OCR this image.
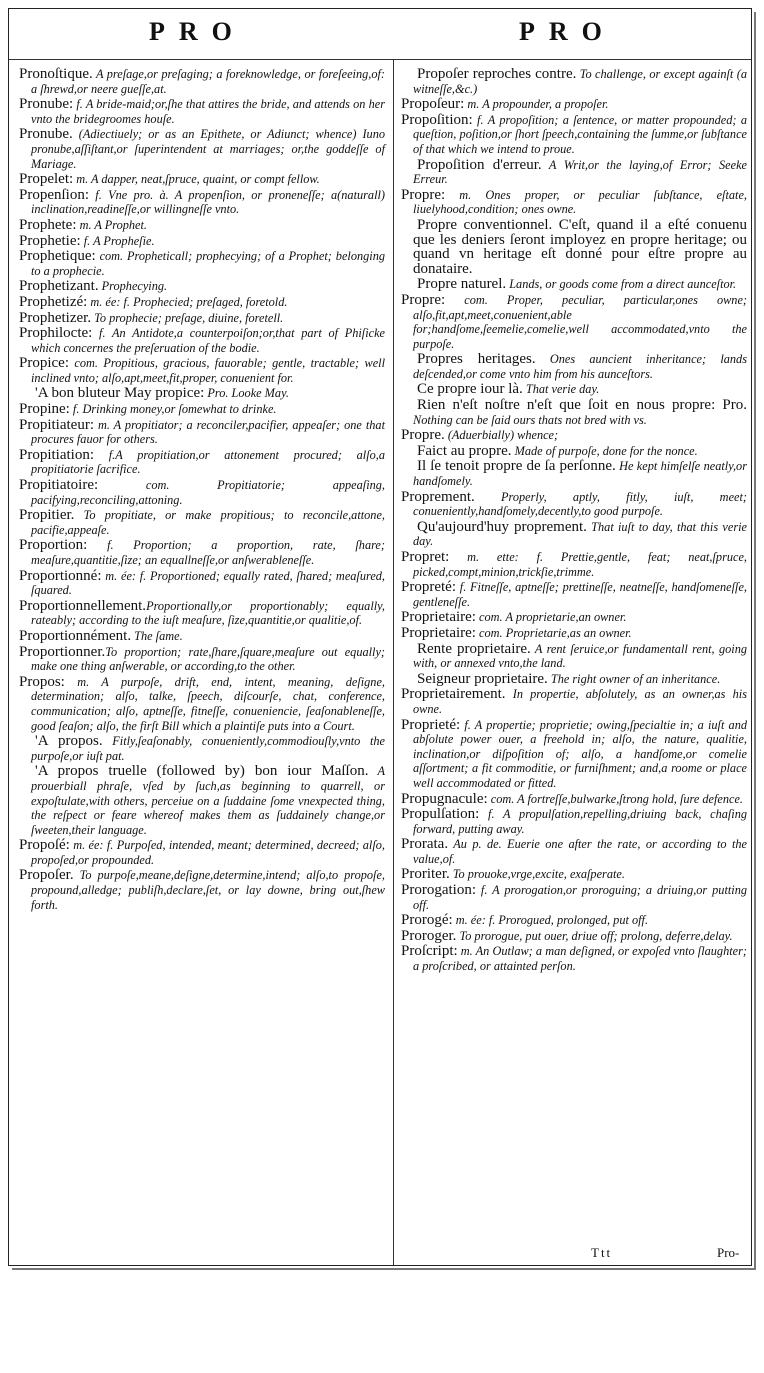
PRO	PRO

Pronoſtique. A preſage,or preſaging; a foreknowledge, or foreſeeing,of: a ſhrewd,or neere gueſſe,at.

Pronube: f. A bride-maid;or,ſhe that attires the bride, and attends on her vnto the bridegroomes houſe.

Pronube. (Adiectiuely; or as an Epithete, or Adiunct; whence) Iuno pronube,aſſiſtant,or ſuperintendent at marriages; or,the goddeſſe of Mariage.

Propelet: m. A dapper, neat,ſpruce, quaint, or compt fellow.

Propenſion: f. Vne pro. à. A propenſion, or proneneſſe; a(naturall) inclination,readineſſe,or willingneſſe vnto.

Prophete: m. A Prophet.

Prophetie: f. A Propheſie.

Prophetique: com. Propheticall; prophecying; of a Prophet; belonging to a prophecie.

Prophetizant. Prophecying.

Prophetizé: m. ée: f. Prophecied; preſaged, foretold.

Prophetizer. To prophecie; preſage, diuine, foretell.

Prophilocte: f. An Antidote,a counterpoiſon;or,that part of Phiſicke which concernes the preſeruation of the bodie.

Propice: com. Propitious, gracious, fauorable; gentle, tractable; well inclined vnto; alſo,apt,meet,fit,proper, conuenient for.

'A bon bluteur May propice: Pro. Looke May.

Propine: f. Drinking money,or ſomewhat to drinke.

Propitiateur: m. A propitiator; a reconciler,pacifier, appeaſer; one that procures fauor for others.

Propitiation: f.A propitiation,or attonement procured; alſo,a propitiatorie ſacrifice.

Propitiatoire: com. Propitiatorie; appeaſing, pacifying,reconciling,attoning.

Propitier. To propitiate, or make propitious; to reconcile,attone, pacifie,appeaſe.

Proportion: f. Proportion; a proportion, rate, ſhare; meaſure,quantitie,ſize; an equallneſſe,or anſwerableneſſe.

Proportionné: m. ée: f. Proportioned; equally rated, ſhared; meaſured, ſquared.

Proportionnellement.Proportionally,or proportionably; equally, rateably; according to the iuſt meaſure, ſize,quantitie,or qualitie,of.

Proportionnément. The ſame.

Proportionner.To proportion; rate,ſhare,ſquare,meaſure out equally; make one thing anſwerable, or according,to the other.

Propos: m. A purpoſe, drift, end, intent, meaning, deſigne, determination; alſo, talke, ſpeech, diſcourſe, chat, conference, communication; alſo, aptneſſe, fitneſſe, conueniencie, ſeaſonableneſſe, good ſeaſon; alſo, the firſt Bill which a plaintiſe puts into a Court.

'A propos. Fitly,ſeaſonably, conueniently,commodiouſly,vnto the purpoſe,or iuſt pat.

'A propos truelle (followed by) bon iour Maſſon. A prouerbiall phraſe, vſed by ſuch,as beginning to quarrell, or expoſtulate,with others, perceiue on a ſuddaine ſome vnexpected thing, the reſpect or feare whereof makes them as ſuddainely change,or ſweeten,their language.

Propoſé: m. ée: f. Purpoſed, intended, meant; determined, decreed; alſo, propoſed,or propounded.

Propoſer. To purpoſe,meane,deſigne,determine,intend; alſo,to propoſe, propound,alledge; publiſh,declare,ſet, or lay downe, bring out,ſhew forth.

Propoſer reproches contre. To challenge, or except againſt (a witneſſe,&c.)

Propoſeur: m. A propounder, a propoſer.

Propoſition: f. A propoſition; a ſentence, or matter propounded; a queſtion, poſition,or ſhort ſpeech,containing the ſumme,or ſubſtance of that which we intend to proue.

Propoſition d'erreur. A Writ,or the laying,of Error; Seeke Erreur.

Propre: m. Ones proper, or peculiar ſubſtance, eſtate, liuelyhood,condition; ones owne.

Propre conventionnel. C'eſt, quand il a eſté conuenu que les deniers ſeront imployez en propre heritage; ou quand vn heritage eſt donné pour eſtre propre au donataire.

Propre naturel. Lands, or goods come from a direct aunceſtor.

Propre: com. Proper, peculiar, particular,ones owne; alſo,fit,apt,meet,conuenient,able for;handſome,ſeemelie,comelie,well accommodated,vnto the purpoſe.

Propres heritages. Ones auncient inheritance; lands deſcended,or come vnto him from his aunceſtors.

Ce propre iour là. That verie day.

Rien n'eſt noſtre n'eſt que ſoit en nous propre: Pro. Nothing can be ſaid ours thats not bred with vs.

Propre. (Aduerbially) whence;

Faict au propre. Made of purpoſe, done for the nonce.

Il ſe tenoit propre de ſa perſonne. He kept himſelſe neatly,or handſomely.

Proprement. Properly, aptly, fitly, iuſt, meet; conueniently,handſomely,decently,to good purpoſe.

Qu'aujourd'huy proprement. That iuſt to day, that this verie day.

Propret: m. ette: f. Prettie,gentle, feat; neat,ſpruce, picked,compt,minion,trickſie,trimme.

Propreté: f. Fitneſſe, aptneſſe; prettineſſe, neatneſſe, handſomeneſſe, gentleneſſe.

Proprietaire: com. A proprietarie,an owner.

Proprietaire: com. Proprietarie,as an owner.

Rente proprietaire. A rent ſeruice,or fundamentall rent, going with, or annexed vnto,the land.

Seigneur proprietaire. The right owner of an inheritance.

Proprietairement. In propertie, abſolutely, as an owner,as his owne.

Proprieté: f. A propertie; proprietie; owing,ſpecialtie in; a iuſt and abſolute power ouer, a freehold in; alſo, the nature, qualitie, inclination,or diſpoſition of; alſo, a handſome,or comelie aſſortment; a fit commoditie, or furniſhment; and,a roome or place well accommodated or fitted.

Propugnacule: com. A fortreſſe,bulwarke,ſtrong hold, ſure defence.

Propulſation: f. A propulſation,repelling,driuing back, chaſing forward, putting away.

Prorata. Au p. de. Euerie one after the rate, or according to the value,of.

Proriter. To prouoke,vrge,excite, exaſperate.

Prorogation: f. A prorogation,or proroguing; a driuing,or putting off.

Prorogé: m. ée: f. Prorogued, prolonged, put off.

Proroger. To prorogue, put ouer, driue off; prolong, deferre,delay.

Proſcript: m. An Outlaw; a man deſigned, or expoſed vnto ſlaughter; a proſcribed, or attainted perſon.

Ttt	Pro-
